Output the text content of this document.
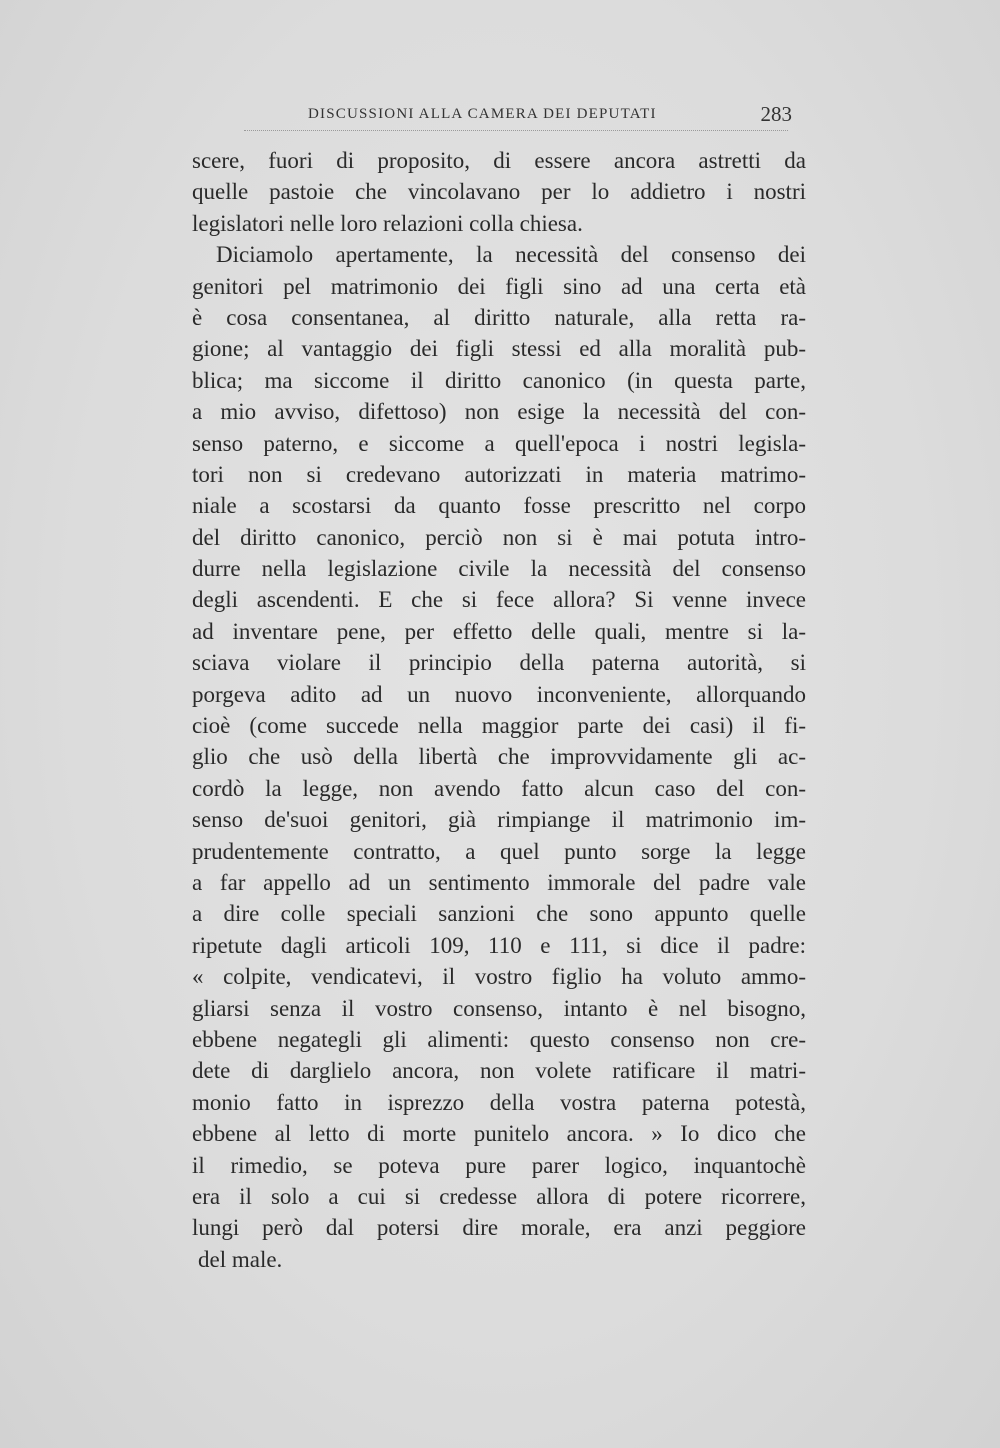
DISCUSSIONI ALLA CAMERA DEI DEPUTATI	283
scere, fuori di proposito, di essere ancora astretti da
quelle pastoie che vincolavano per lo addietro i nostri
legislatori nelle loro relazioni colla chiesa.
Diciamolo apertamente, la necessità del consenso dei
genitori pel matrimonio dei figli sino ad una certa età
è cosa consentanea, al diritto naturale, alla retta ra-
gione; al vantaggio dei figli stessi ed alla moralità pub-
blica; ma siccome il diritto canonico (in questa parte,
a mio avviso, difettoso) non esige la necessità del con-
senso paterno, e siccome a quell'epoca i nostri legisla-
tori non si credevano autorizzati in materia matrimo-
niale a scostarsi da quanto fosse prescritto nel corpo
del diritto canonico, perciò non si è mai potuta intro-
durre nella legislazione civile la necessità del consenso
degli ascendenti. E che si fece allora? Si venne invece
ad inventare pene, per effetto delle quali, mentre si la-
sciava violare il principio della paterna autorità, si
porgeva adito ad un nuovo inconveniente, allorquando
cioè (come succede nella maggior parte dei casi) il fi-
glio che usò della libertà che improvvidamente gli ac-
cordò la legge, non avendo fatto alcun caso del con-
senso de'suoi genitori, già rimpiange il matrimonio im-
prudentemente contratto, a quel punto sorge la legge
a far appello ad un sentimento immorale del padre vale
a dire colle speciali sanzioni che sono appunto quelle
ripetute dagli articoli 109, 110 e 111, si dice il padre:
« colpite, vendicatevi, il vostro figlio ha voluto ammo-
gliarsi senza il vostro consenso, intanto è nel bisogno,
ebbene negategli gli alimenti: questo consenso non cre-
dete di darglielo ancora, non volete ratificare il matri-
monio fatto in isprezzo della vostra paterna potestà,
ebbene al letto di morte punitelo ancora. » Io dico che
il rimedio, se poteva pure parer logico, inquantochè
era il solo a cui si credesse allora di potere ricorrere,
lungi però dal potersi dire morale, era anzi peggiore
del male.
